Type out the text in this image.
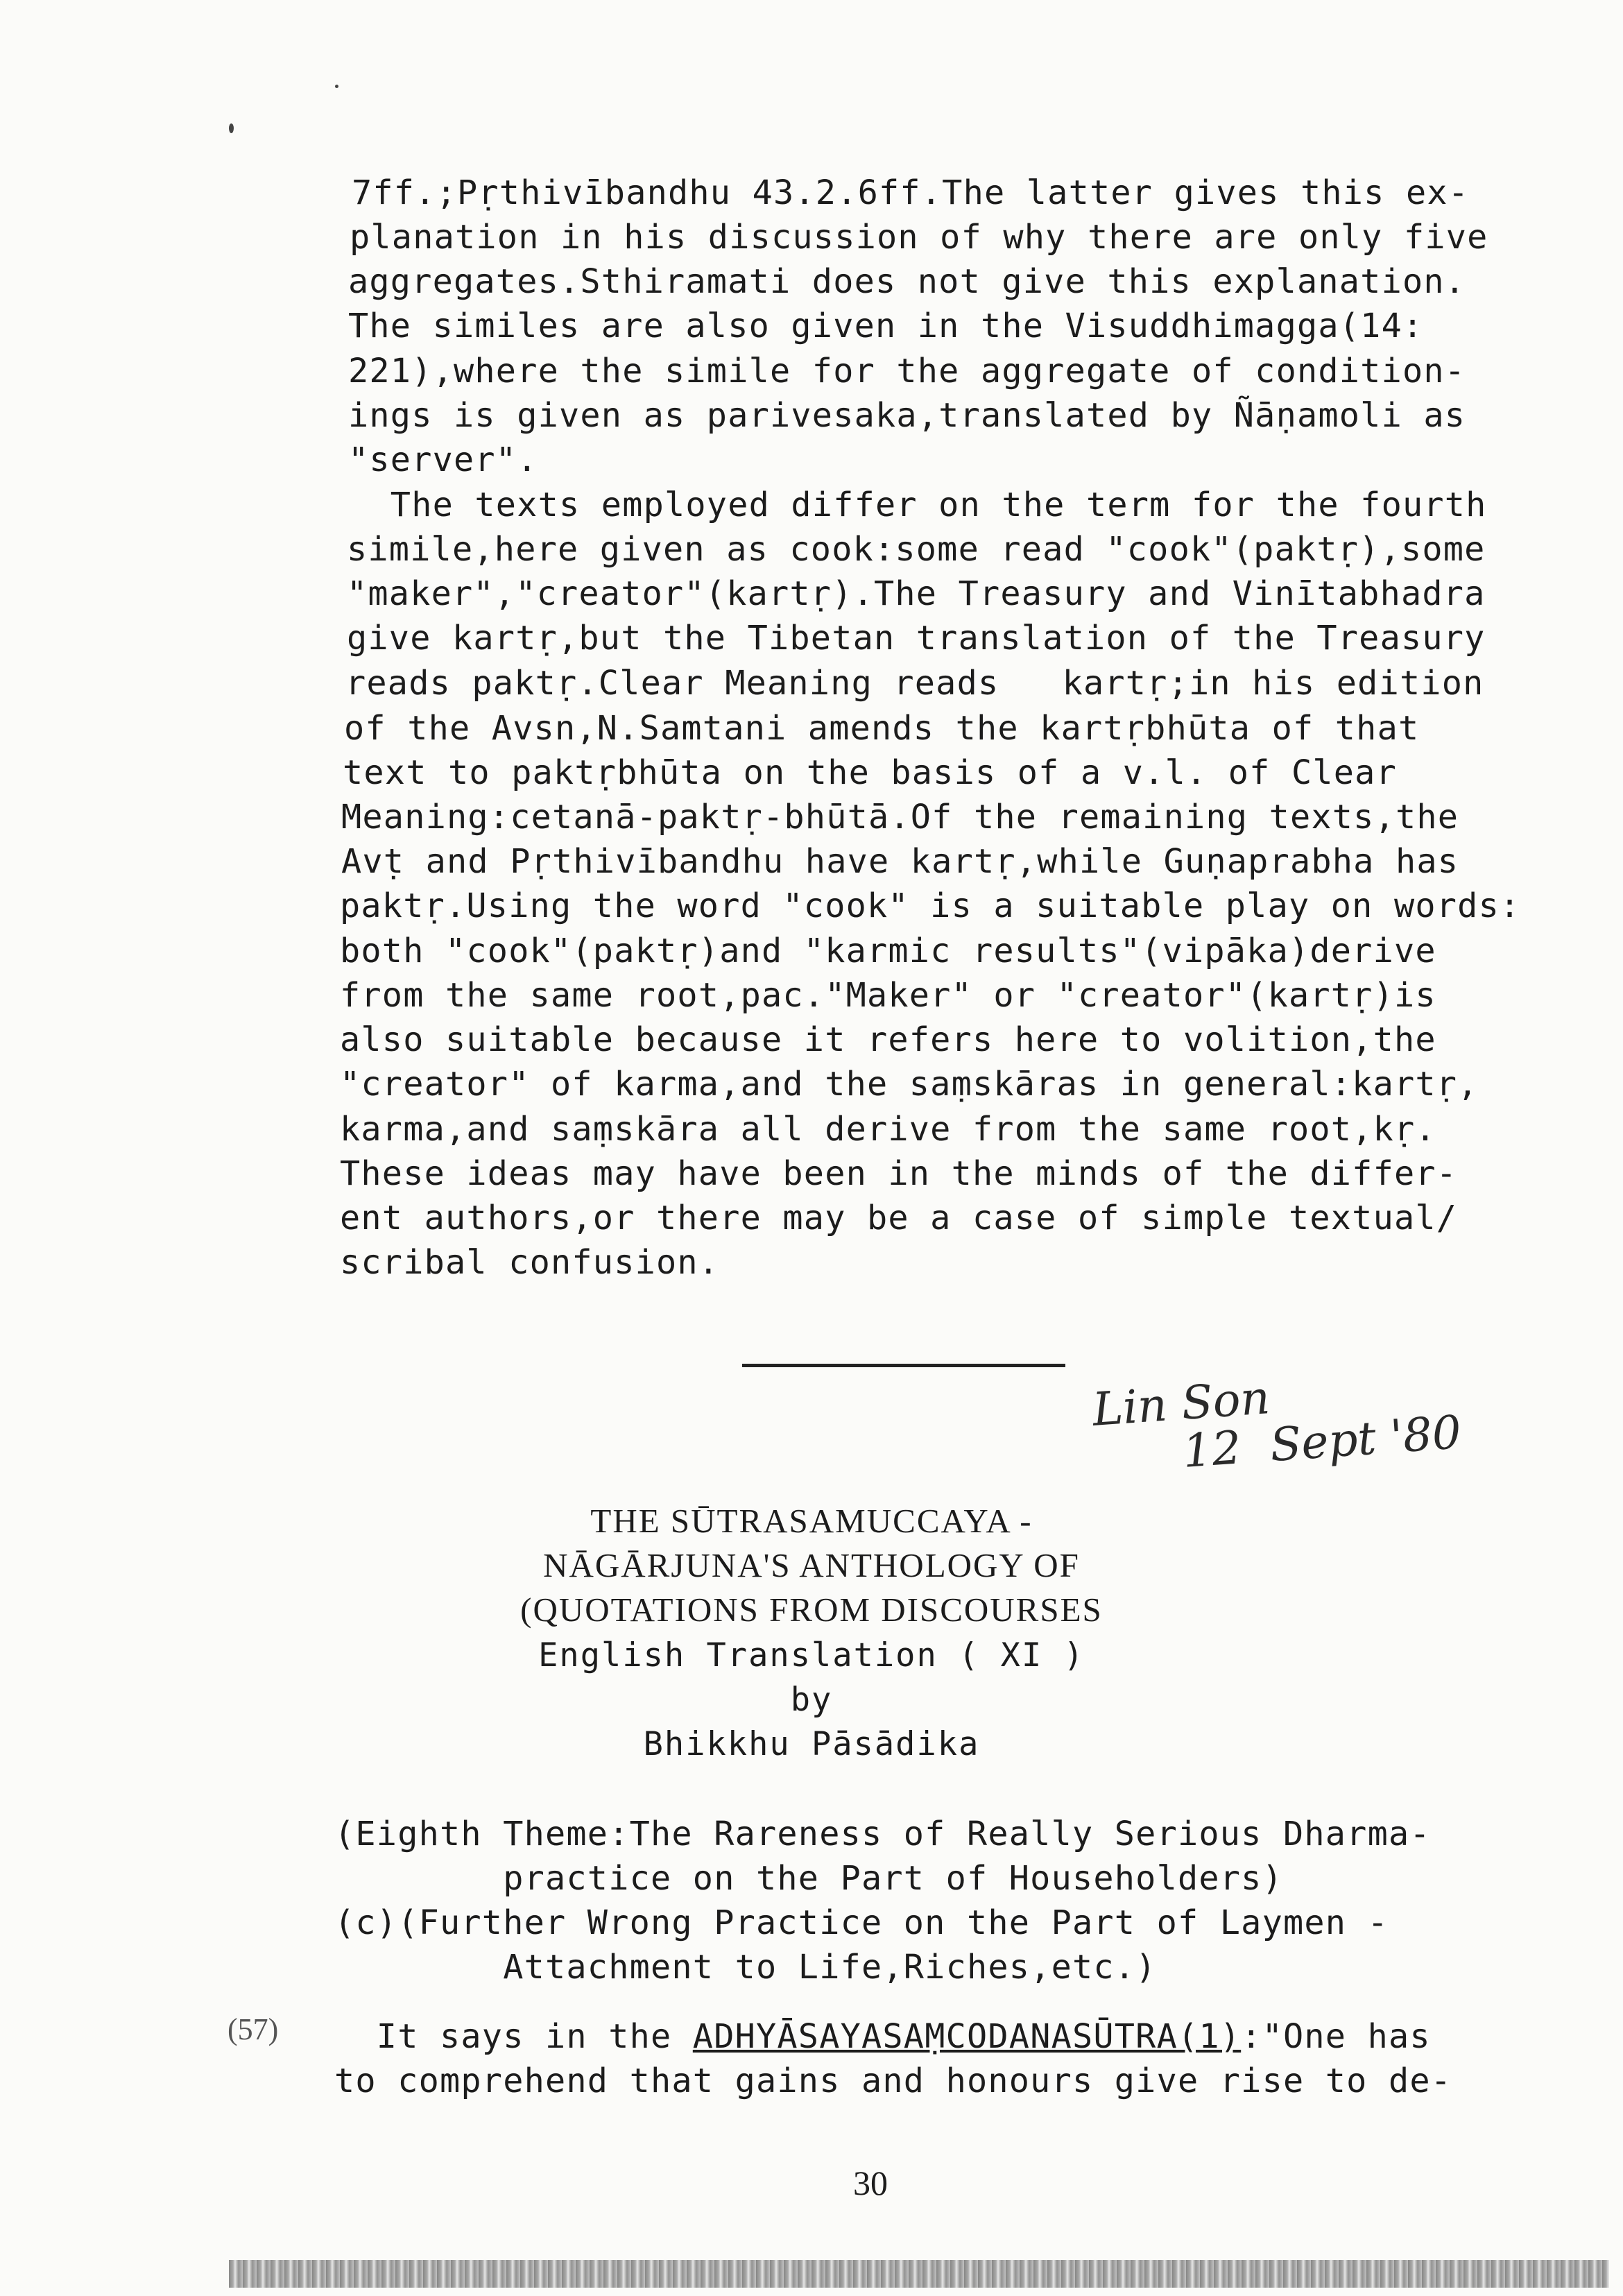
7ff.;Pṛthivībandhu 43.2.6ff.The latter gives this ex-

planation in his discussion of why there are only five

aggregates.Sthiramati does not give this explanation.

The similes are also given in the Visuddhimagga(14:

221),where the simile for the aggregate of condition-

ings is given as parivesaka,translated by Ñāṇamoli as

"server".

The texts employed differ on the term for the fourth

simile,here given as cook:some read "cook"(paktṛ),some

"maker","creator"(kartṛ).The Treasury and Vinītabhadra

give kartṛ,but the Tibetan translation of the Treasury

reads paktṛ.Clear Meaning reads   kartṛ;in his edition

of the Avsn,N.Samtani amends the kartṛbhūta of that

text to paktṛbhūta on the basis of a v.l. of Clear

Meaning:cetanā-paktṛ-bhūtā.Of the remaining texts,the

Avṭ and Pṛthivībandhu have kartṛ,while Guṇaprabha has

paktṛ.Using the word "cook" is a suitable play on words:

both "cook"(paktṛ)and "karmic results"(vipāka)derive

from the same root,pac."Maker" or "creator"(kartṛ)is

also suitable because it refers here to volition,the

"creator" of karma,and the saṃskāras in general:kartṛ,

karma,and saṃskāra all derive from the same root,kṛ.

These ideas may have been in the minds of the differ-

ent authors,or there may be a case of simple textual/

scribal confusion.

Lin Son
12  Sept '80
THE SŪTRASAMUCCAYA -
NĀGĀRJUNA'S ANTHOLOGY OF
(QUOTATIONS FROM DISCOURSES
English Translation ( XI )
by
Bhikkhu Pāsādika

(Eighth Theme:The Rareness of Really Serious Dharma-

practice on the Part of Householders)

(c)(Further Wrong Practice on the Part of Laymen -

Attachment to Life,Riches,etc.)

(57) It says in the ADHYĀSAYASAṂCODANASŪTRA(1):"One has

to comprehend that gains and honours give rise to de-

30
